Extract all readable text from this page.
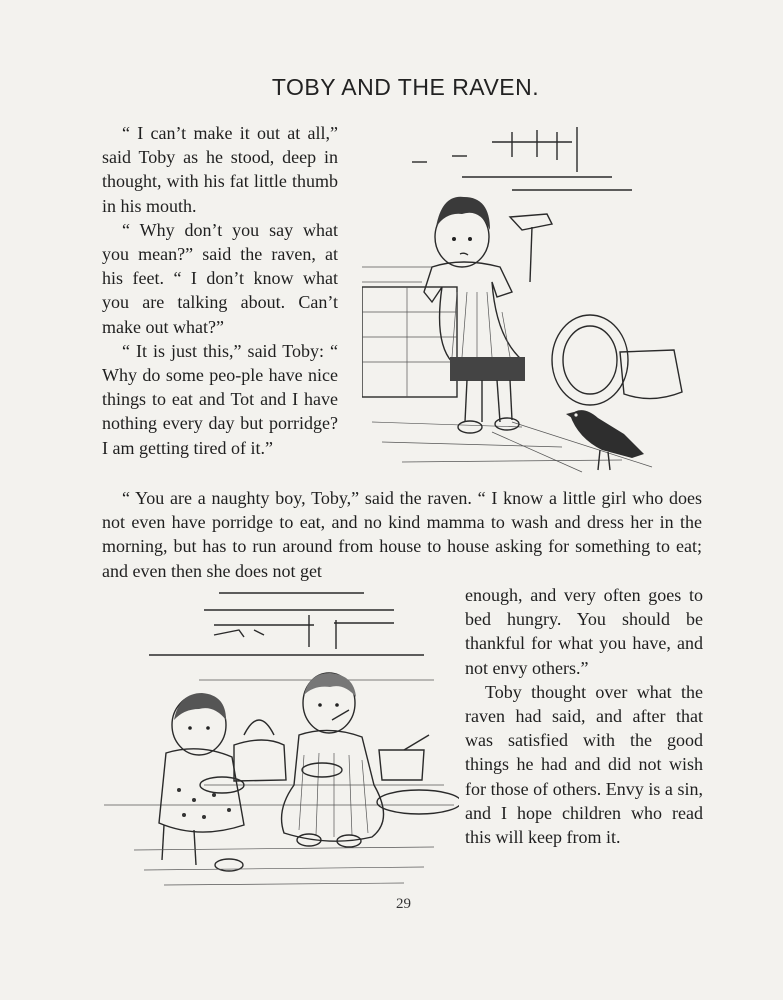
TOBY AND THE RAVEN.

“ I can’t make it out at all,” said Toby as he stood, deep in thought, with his fat little thumb in his mouth.

“ Why don’t you say what you mean?” said the raven, at his feet. “ I don’t know what you are talking about. Can’t make out what?”

“ It is just this,” said Toby: “ Why do some peo-ple have nice things to eat and Tot and I have nothing every day but porridge? I am getting tired of it.”

“ You are a naughty boy, Toby,” said the raven. “ I know a little girl who does not even have porridge to eat, and no kind mamma to wash and dress her in the morning, but has to run around from house to house asking for something to eat; and even then she does not get

enough, and very often goes to bed hungry. You should be thankful for what you have, and not envy others.”

Toby thought over what the raven had said, and after that was satisfied with the good things he had and did not wish for those of others. Envy is a sin, and I hope children who read this will keep from it.

29
